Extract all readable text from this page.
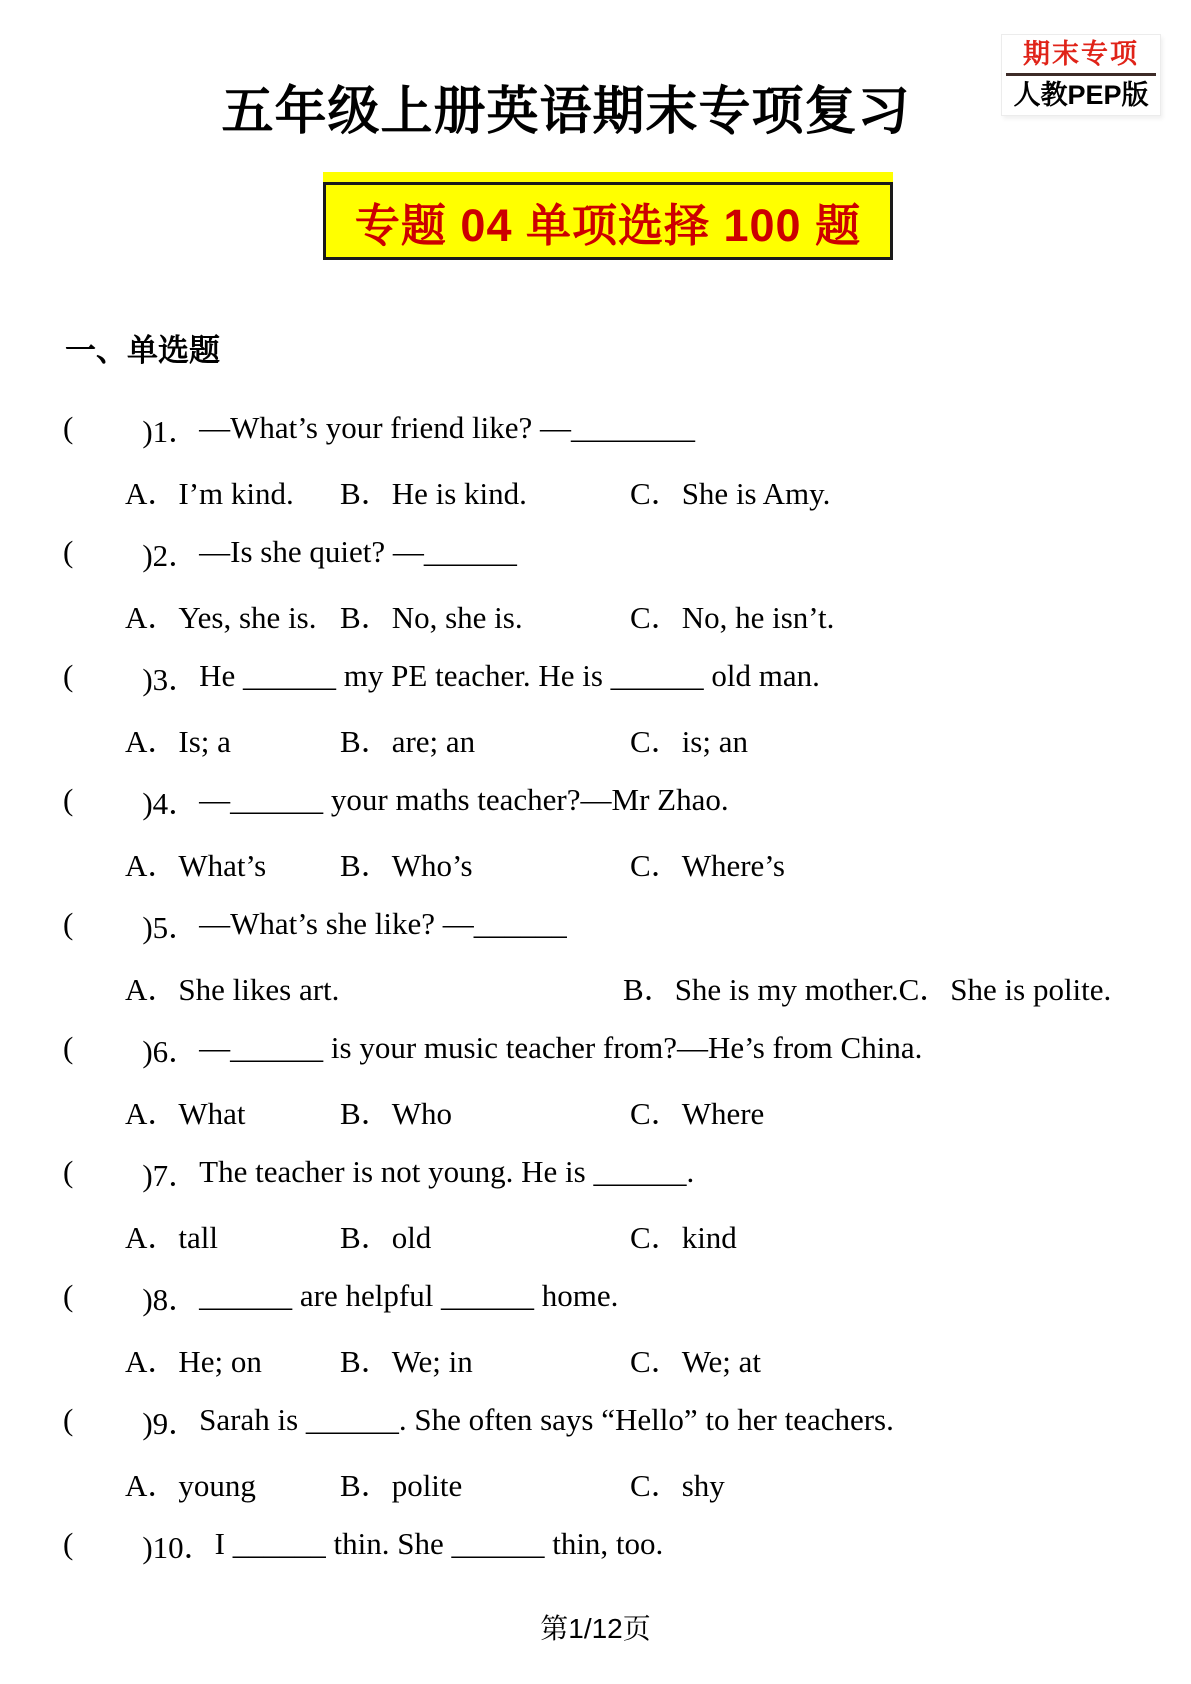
期末专项
人教PEP版
五年级上册英语期末专项复习
专题 04 单项选择 100 题
一、单选题
( )1． —What’s your friend like? —________
A．I’m kind.	B．He is kind.	C．She is Amy.
( )2． —Is she quiet? —______
A．Yes, she is. B．No, she is.	C．No, he isn’t.
( )3． He ______ my PE teacher. He is ______ old man.
A．Is; a	B．are; an	C．is; an
( )4． —______ your maths teacher?—Mr Zhao.
A．What’s	B．Who’s	C．Where’s
( )5． —What’s she like? —______
A．She likes art.	B．She is my mother. C．She is polite.
( )6． —______ is your music teacher from?—He’s from China.
A．What	B．Who	C．Where
( )7． The teacher is not young. He is ______.
A．tall	B．old	C．kind
( )8． ______ are helpful ______ home.
A．He; on	B．We; in	C．We; at
( )9． Sarah is ______. She often says “Hello” to her teachers.
A．young	B．polite	C．shy
( )10． I ______ thin. She ______ thin, too.
第1/12页
